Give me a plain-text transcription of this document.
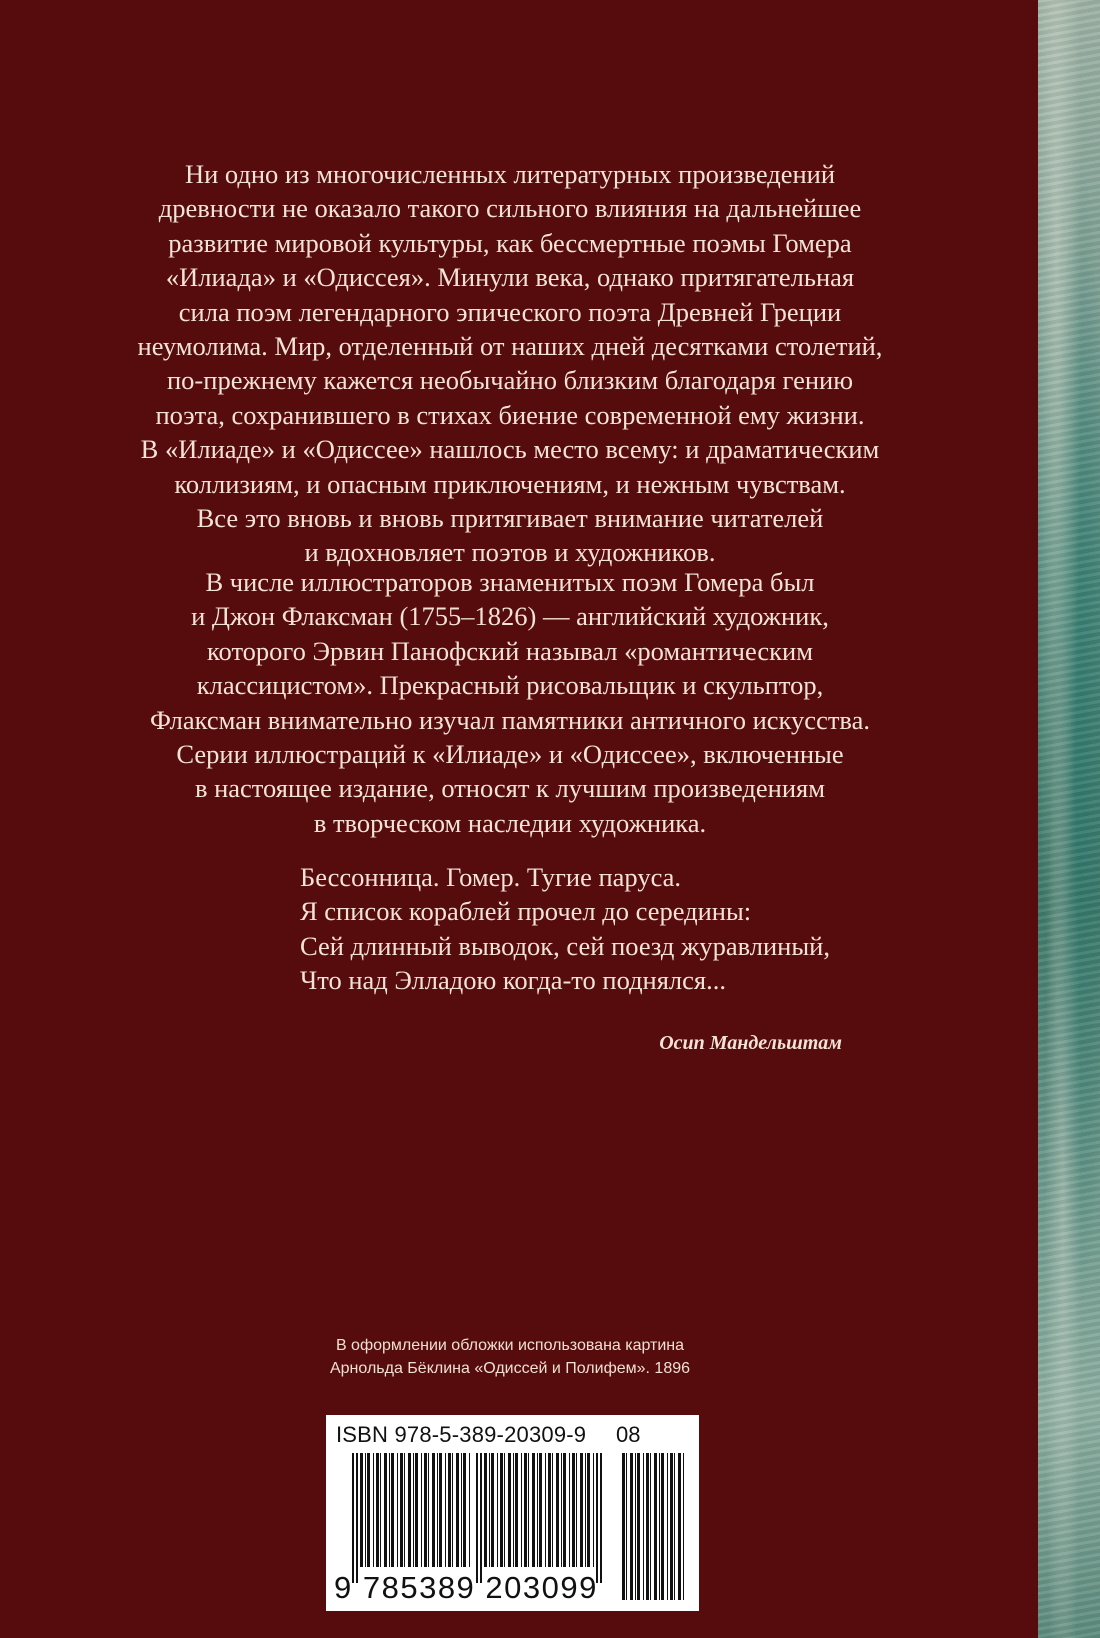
Ни одно из многочисленных литературных произведений
древности не оказало такого сильного влияния на дальнейшее
развитие мировой культуры, как бессмертные поэмы Гомера
«Илиада» и «Одиссея». Минули века, однако притягательная
сила поэм легендарного эпического поэта Древней Греции
неумолима. Мир, отделенный от наших дней десятками столетий,
по-прежнему кажется необычайно близким благодаря гению
поэта, сохранившего в стихах биение современной ему жизни.
В «Илиаде» и «Одиссее» нашлось место всему: и драматическим
коллизиям, и опасным приключениям, и нежным чувствам.
Все это вновь и вновь притягивает внимание читателей
и вдохновляет поэтов и художников.
В числе иллюстраторов знаменитых поэм Гомера был
и Джон Флаксман (1755–1826) — английский художник,
которого Эрвин Панофский называл «романтическим
классицистом». Прекрасный рисовальщик и скульптор,
Флаксман внимательно изучал памятники античного искусства.
Серии иллюстраций к «Илиаде» и «Одиссее», включенные
в настоящее издание, относят к лучшим произведениям
в творческом наследии художника.
Бессонница. Гомер. Тугие паруса.
Я список кораблей прочел до середины:
Сей длинный выводок, сей поезд журавлиный,
Что над Элладою когда-то поднялся...
Осип Мандельштам
В оформлении обложки использована картина
Арнольда Бёклина «Одиссей и Полифем». 1896
ISBN 978-5-389-20309-9 08
9 785389 203099
